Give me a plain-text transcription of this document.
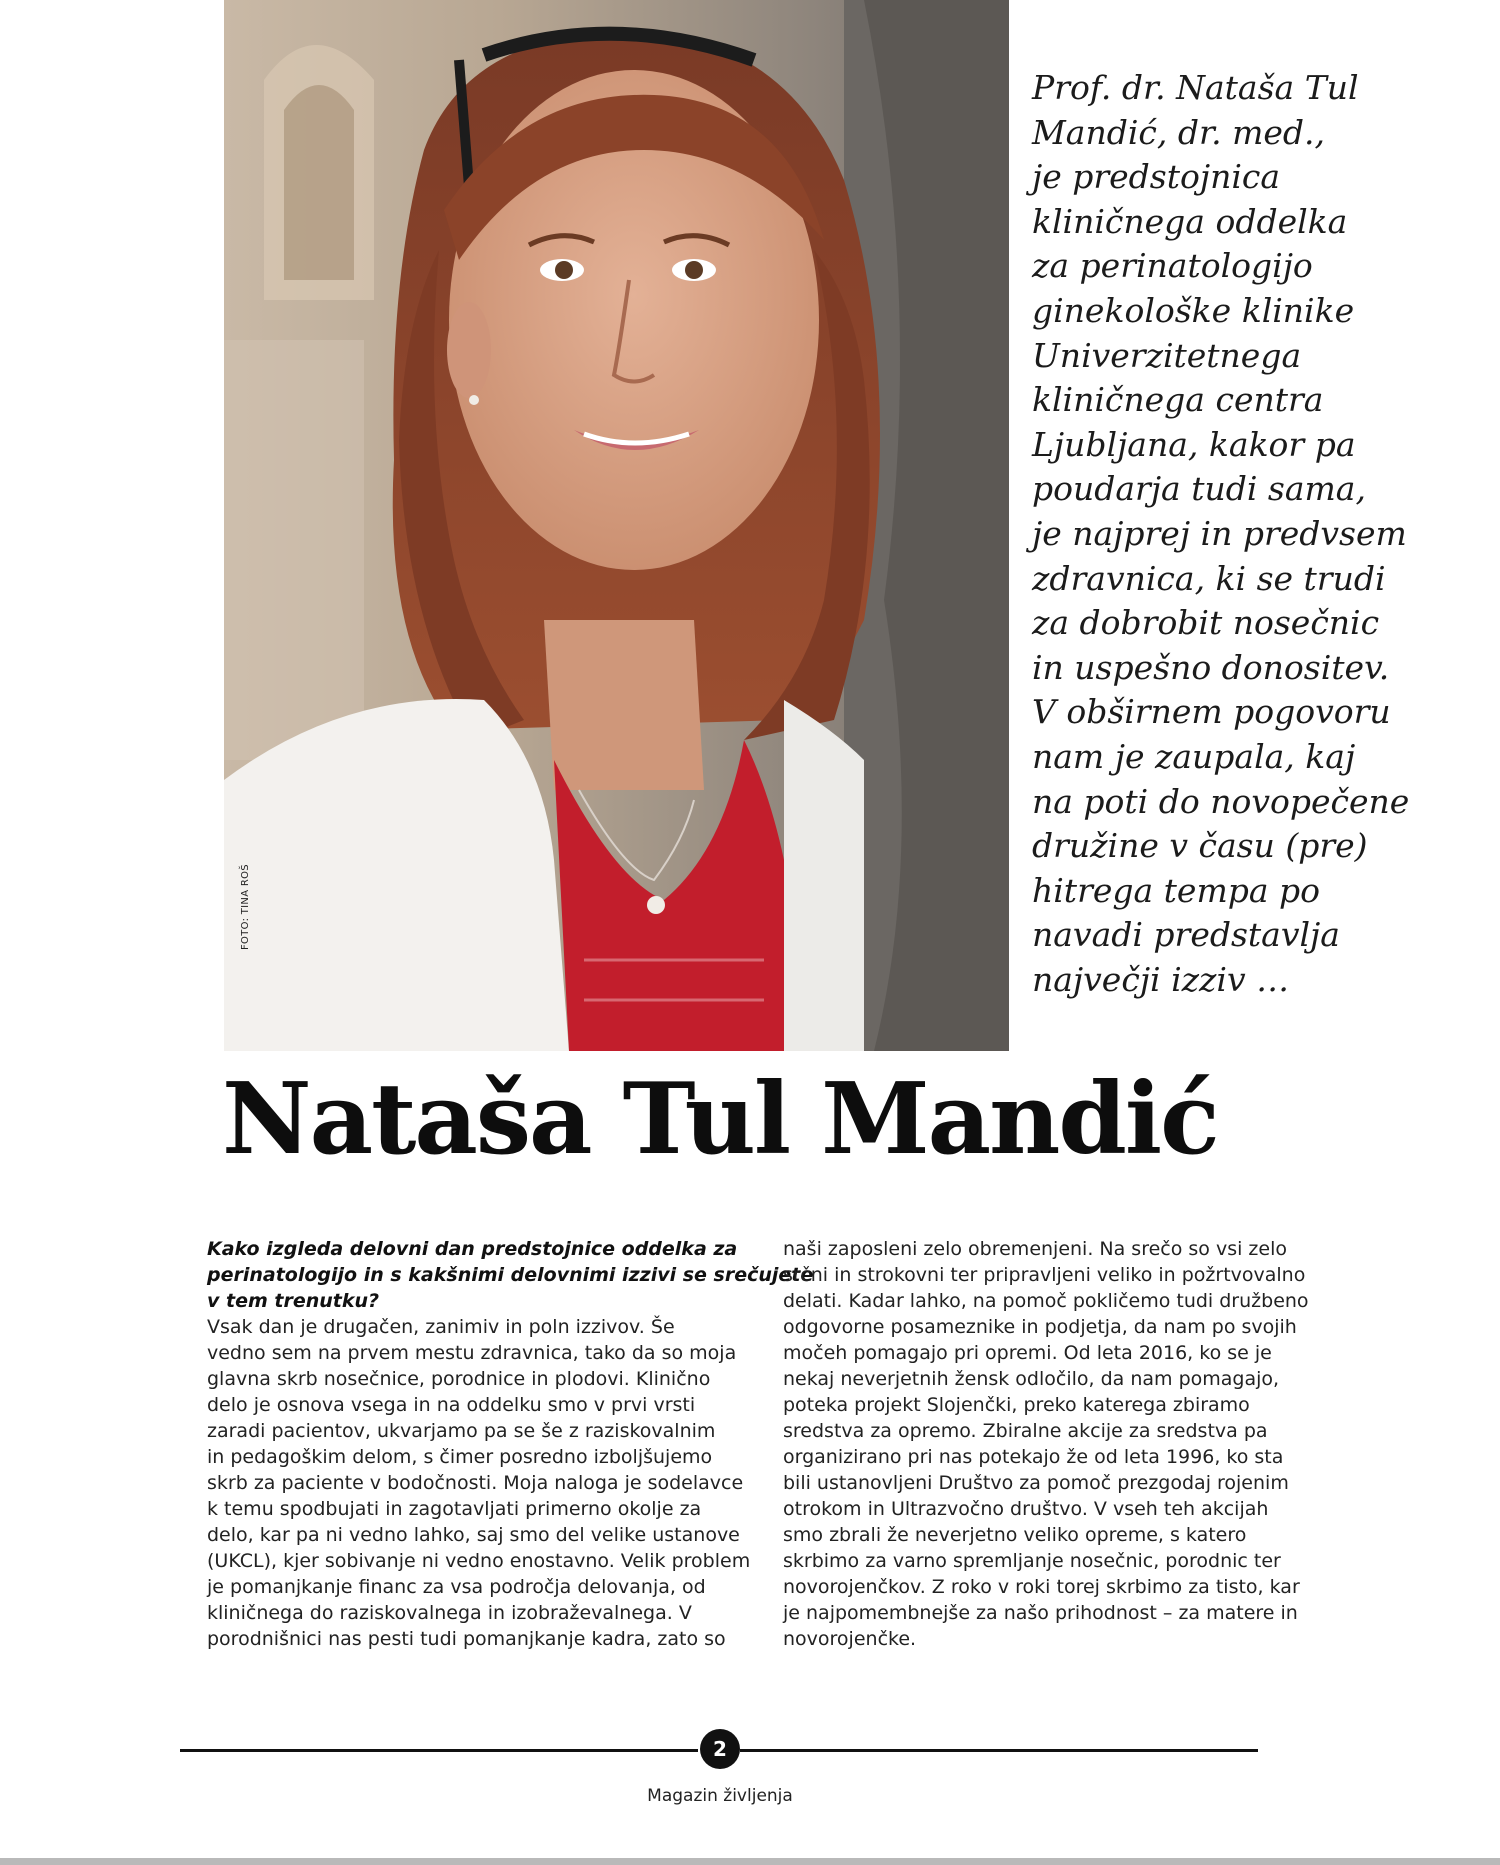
FOTO: TINA ROŠ
Prof. dr. Nataša Tul
Mandić, dr. med.,
je predstojnica
kliničnega oddelka
za perinatologijo
ginekološke klinike
Univerzitetnega
kliničnega centra
Ljubljana, kakor pa
poudarja tudi sama,
je najprej in predvsem
zdravnica, ki se trudi
za dobrobit nosečnic
in uspešno donositev.
V obširnem pogovoru
nam je zaupala, kaj
na poti do novopečene
družine v času (pre)
hitrega tempa po
navadi predstavlja
največji izziv …
Nataša Tul Mandić
Kako izgleda delovni dan predstojnice oddelka za
perinatologijo in s kakšnimi delovnimi izzivi se srečujete
v tem trenutku?
Vsak dan je drugačen, zanimiv in poln izzivov. Še
vedno sem na prvem mestu zdravnica, tako da so moja
glavna skrb nosečnice, porodnice in plodovi. Klinično
delo je osnova vsega in na oddelku smo v prvi vrsti
zaradi pacientov, ukvarjamo pa se še z raziskovalnim
in pedagoškim delom, s čimer posredno izboljšujemo
skrb za paciente v bodočnosti. Moja naloga je sodelavce
k temu spodbujati in zagotavljati primerno okolje za
delo, kar pa ni vedno lahko, saj smo del velike ustanove
(UKCL), kjer sobivanje ni vedno enostavno. Velik problem
je pomanjkanje financ za vsa področja delovanja, od
kliničnega do raziskovalnega in izobraževalnega. V
porodnišnici nas pesti tudi pomanjkanje kadra, zato so
naši zaposleni zelo obremenjeni. Na srečo so vsi zelo
srčni in strokovni ter pripravljeni veliko in požrtvovalno
delati. Kadar lahko, na pomoč pokličemo tudi družbeno
odgovorne posameznike in podjetja, da nam po svojih
močeh pomagajo pri opremi. Od leta 2016, ko se je
nekaj neverjetnih žensk odločilo, da nam pomagajo,
poteka projekt Slojenčki, preko katerega zbiramo
sredstva za opremo. Zbiralne akcije za sredstva pa
organizirano pri nas potekajo že od leta 1996, ko sta
bili ustanovljeni Društvo za pomoč prezgodaj rojenim
otrokom in Ultrazvočno društvo. V vseh teh akcijah
smo zbrali že neverjetno veliko opreme, s katero
skrbimo za varno spremljanje nosečnic, porodnic ter
novorojenčkov. Z roko v roki torej skrbimo za tisto, kar
je najpomembnejše za našo prihodnost – za matere in
novorojenčke.
2
Magazin življenja
